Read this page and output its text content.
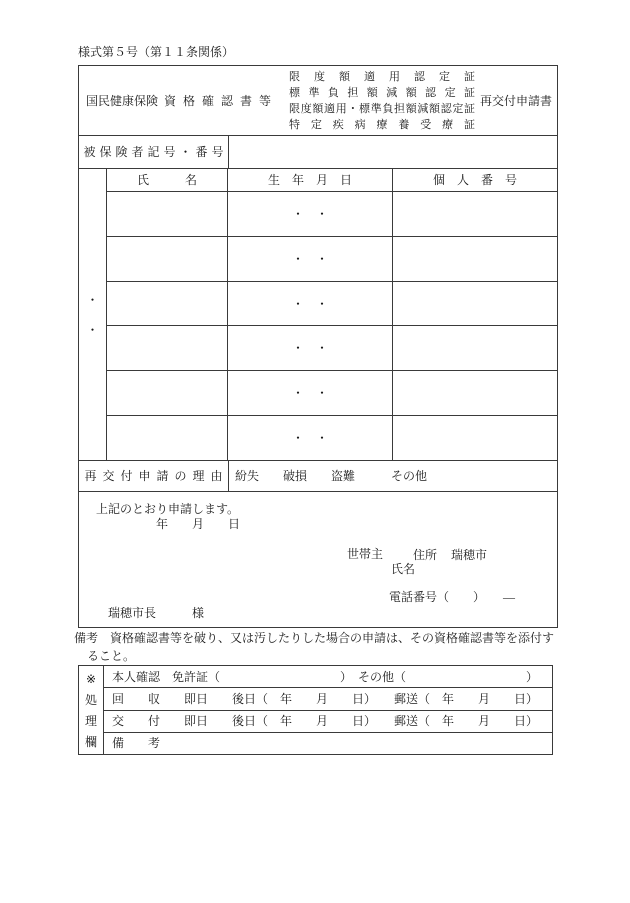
様式第５号（第１１条関係）
国民健康保険 資格確認書等
限度額適用認定証
標準負担額減額認定証
限度額適用・標準負担額減額認定証
特定疾病療養受療証
再交付申請書
被保険者記号・番号
・
・
氏　　　名	生　年　月　日	個　人　番　号
・　・
・　・
・　・
・　・
・　・
・　・
再交付申請の理由 紛失　　破損　　盗難　　　その他
上記のとおり申請します。
年　　月　　日

住所 瑞穂市

世帯主
氏名
電話番号（　　）　　―
瑞穂市長　　　様
備考　資格確認書等を破り、又は汚したりした場合の申請は、その資格確認書等を添付す
ること。
※
処
理
欄
本人確認　免許証（　　　　　　　　　　）　その他（　　　　　　　　　　）
回　　収　　即日　　後日（　年　　月　　日）　　郵送（　年　　月　　日）
交　　付　　即日　　後日（　年　　月　　日）　　郵送（　年　　月　　日）
備　　考
